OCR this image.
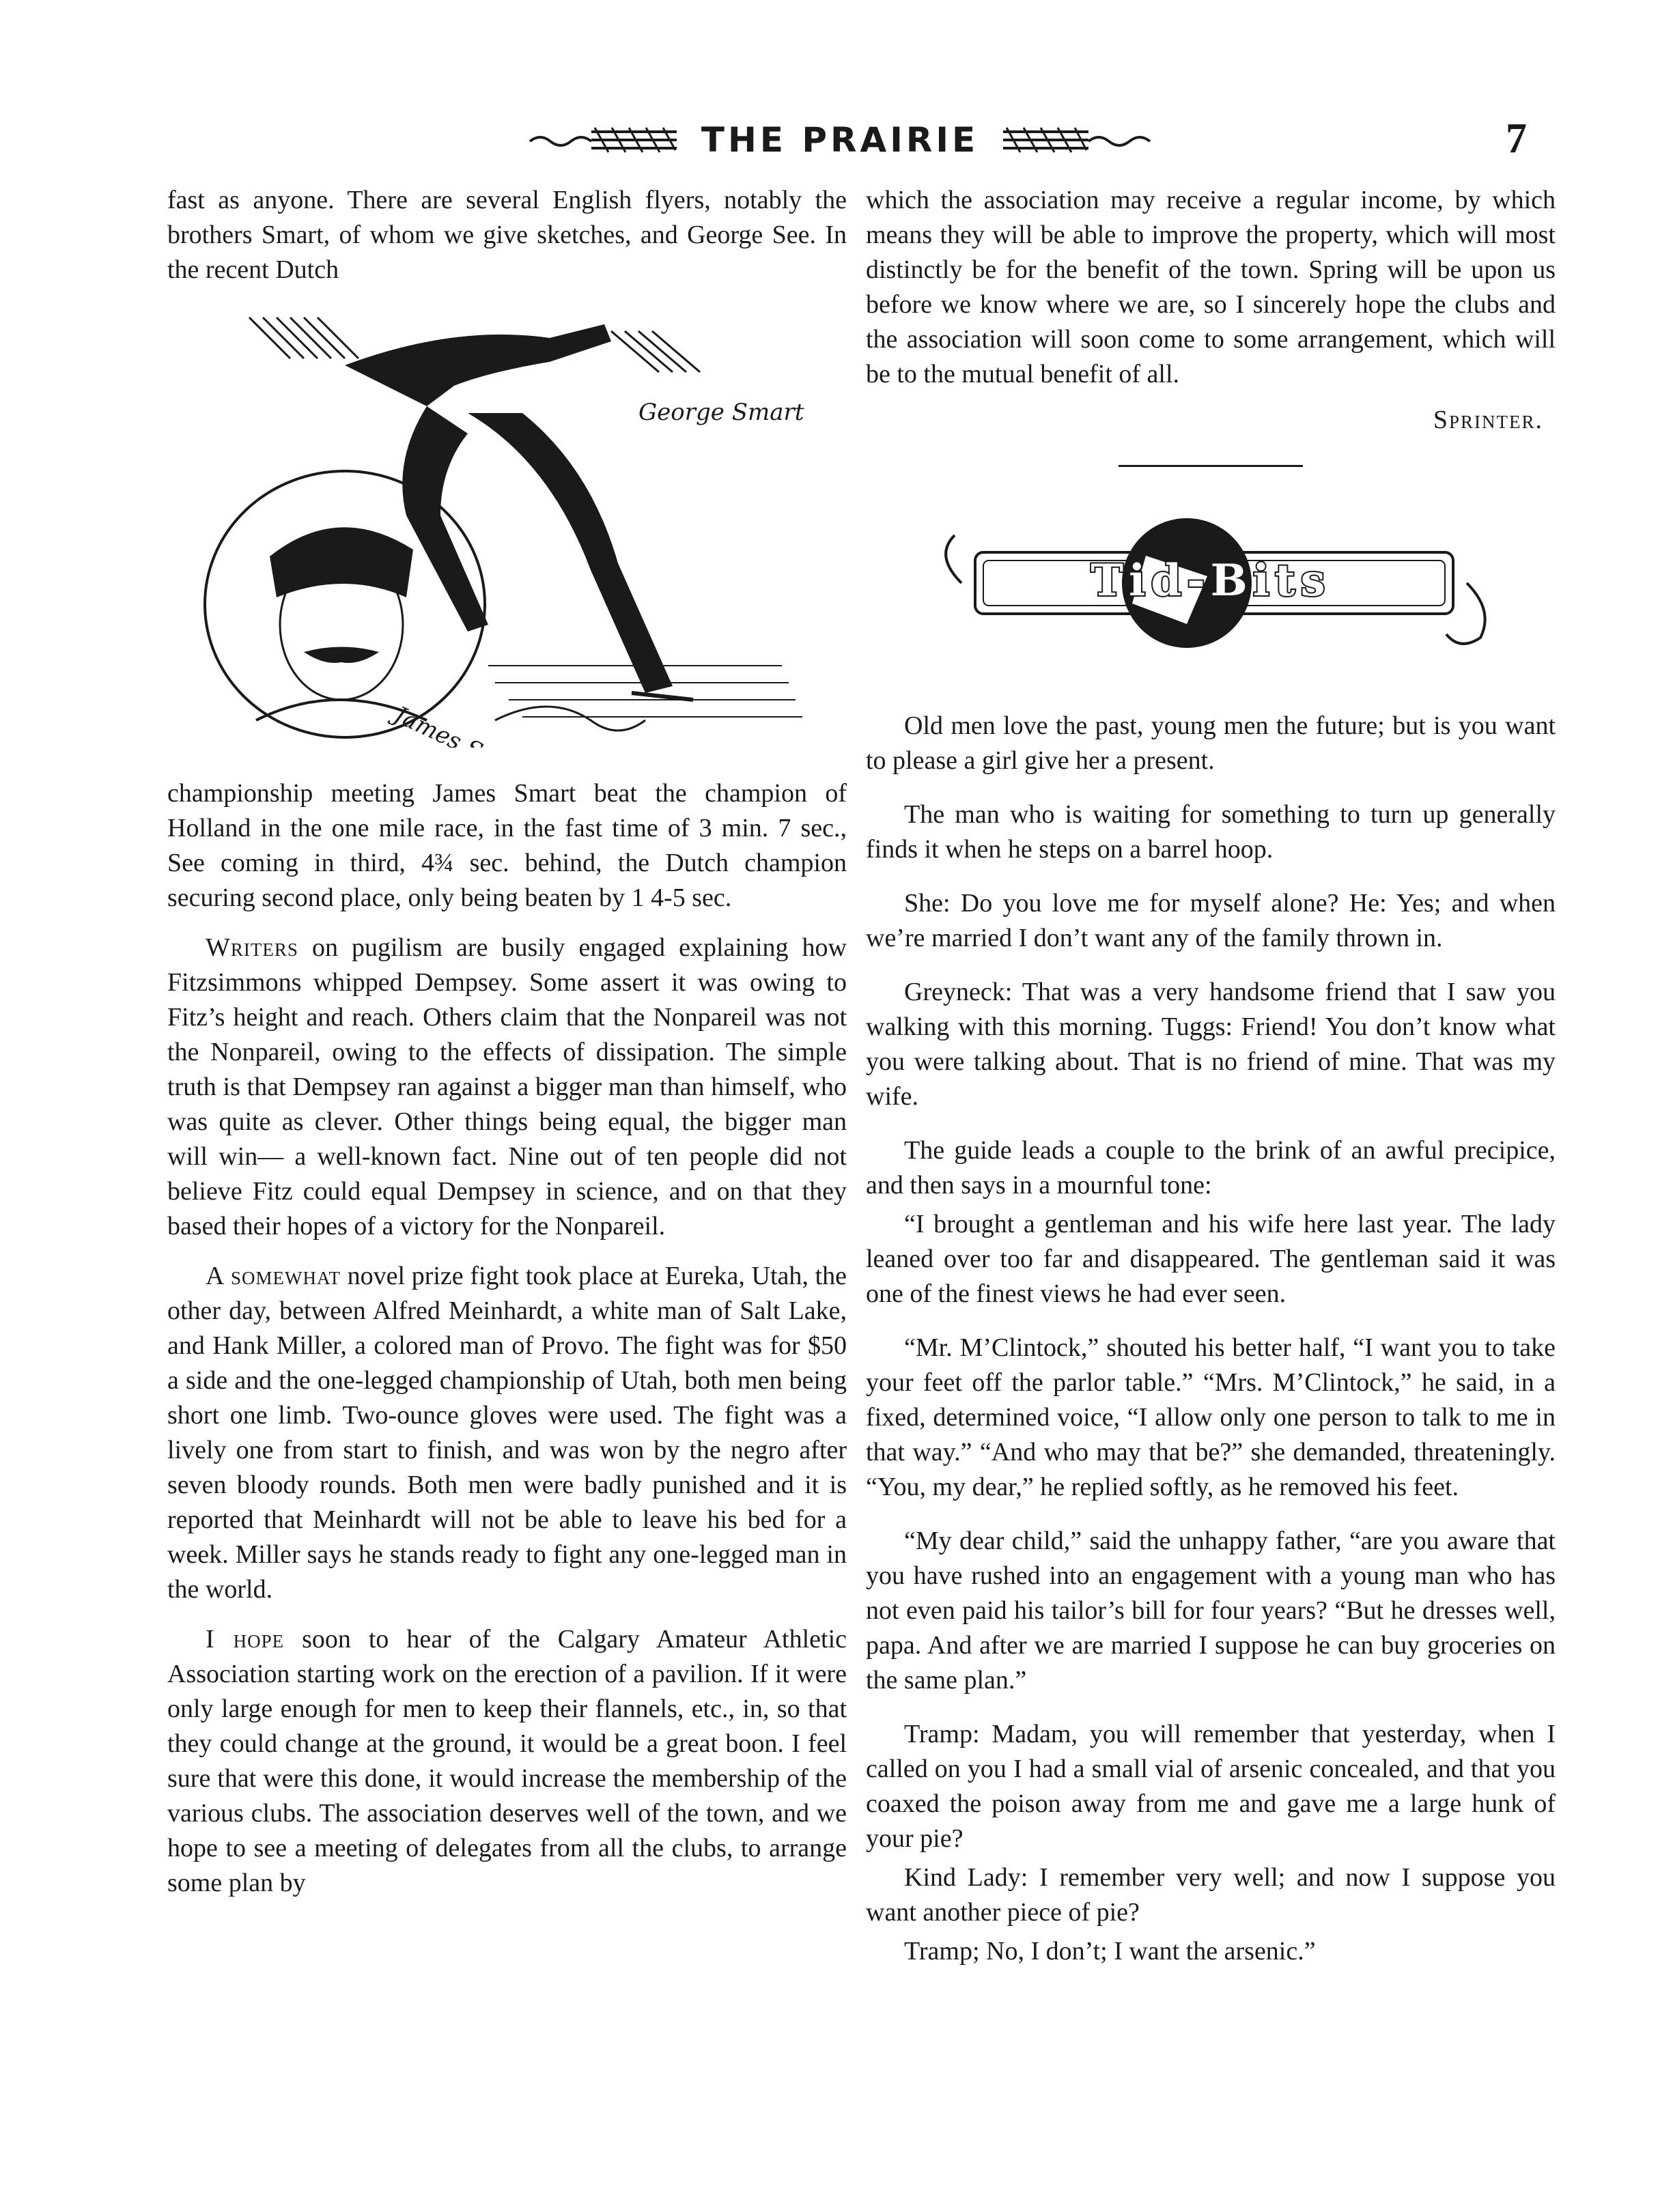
THE PRAIRIE	7

fast as anyone. There are several English flyers, notably the brothers Smart, of whom we give sketches, and George See. In the recent Dutch

George Smart
James Smart

championship meeting James Smart beat the champion of Holland in the one mile race, in the fast time of 3 min. 7 sec., See coming in third, 4¾ sec. behind, the Dutch champion securing second place, only being beaten by 1 4-5 sec.

Writers on pugilism are busily engaged explaining how Fitzsimmons whipped Dempsey. Some assert it was owing to Fitz’s height and reach. Others claim that the Nonpareil was not the Nonpareil, owing to the effects of dissipation. The simple truth is that Dempsey ran against a bigger man than himself, who was quite as clever. Other things being equal, the bigger man will win— a well-known fact. Nine out of ten people did not believe Fitz could equal Dempsey in science, and on that they based their hopes of a victory for the Nonpareil.

A somewhat novel prize fight took place at Eureka, Utah, the other day, between Alfred Meinhardt, a white man of Salt Lake, and Hank Miller, a colored man of Provo. The fight was for $50 a side and the one-legged championship of Utah, both men being short one limb. Two-ounce gloves were used. The fight was a lively one from start to finish, and was won by the negro after seven bloody rounds. Both men were badly punished and it is reported that Meinhardt will not be able to leave his bed for a week. Miller says he stands ready to fight any one-legged man in the world.

I hope soon to hear of the Calgary Amateur Athletic Association starting work on the erection of a pavilion. If it were only large enough for men to keep their flannels, etc., in, so that they could change at the ground, it would be a great boon. I feel sure that were this done, it would increase the membership of the various clubs. The association deserves well of the town, and we hope to see a meeting of delegates from all the clubs, to arrange some plan by

which the association may receive a regular income, by which means they will be able to improve the property, which will most distinctly be for the benefit of the town. Spring will be upon us before we know where we are, so I sincerely hope the clubs and the association will soon come to some arrangement, which will be to the mutual benefit of all.

Sprinter.
Tid-Bits

Old men love the past, young men the future; but is you want to please a girl give her a present.

The man who is waiting for something to turn up generally finds it when he steps on a barrel hoop.

She: Do you love me for myself alone? He: Yes; and when we’re married I don’t want any of the family thrown in.

Greyneck: That was a very handsome friend that I saw you walking with this morning. Tuggs: Friend! You don’t know what you were talking about. That is no friend of mine. That was my wife.

The guide leads a couple to the brink of an awful precipice, and then says in a mournful tone:

“I brought a gentleman and his wife here last year. The lady leaned over too far and disappeared. The gentleman said it was one of the finest views he had ever seen.

“Mr. M’Clintock,” shouted his better half, “I want you to take your feet off the parlor table.” “Mrs. M’Clintock,” he said, in a fixed, determined voice, “I allow only one person to talk to me in that way.” “And who may that be?” she demanded, threateningly. “You, my dear,” he replied softly, as he removed his feet.

“My dear child,” said the unhappy father, “are you aware that you have rushed into an engagement with a young man who has not even paid his tailor’s bill for four years? “But he dresses well, papa. And after we are married I suppose he can buy groceries on the same plan.”

Tramp: Madam, you will remember that yesterday, when I called on you I had a small vial of arsenic concealed, and that you coaxed the poison away from me and gave me a large hunk of your pie?

Kind Lady: I remember very well; and now I suppose you want another piece of pie?

Tramp; No, I don’t; I want the arsenic.”
